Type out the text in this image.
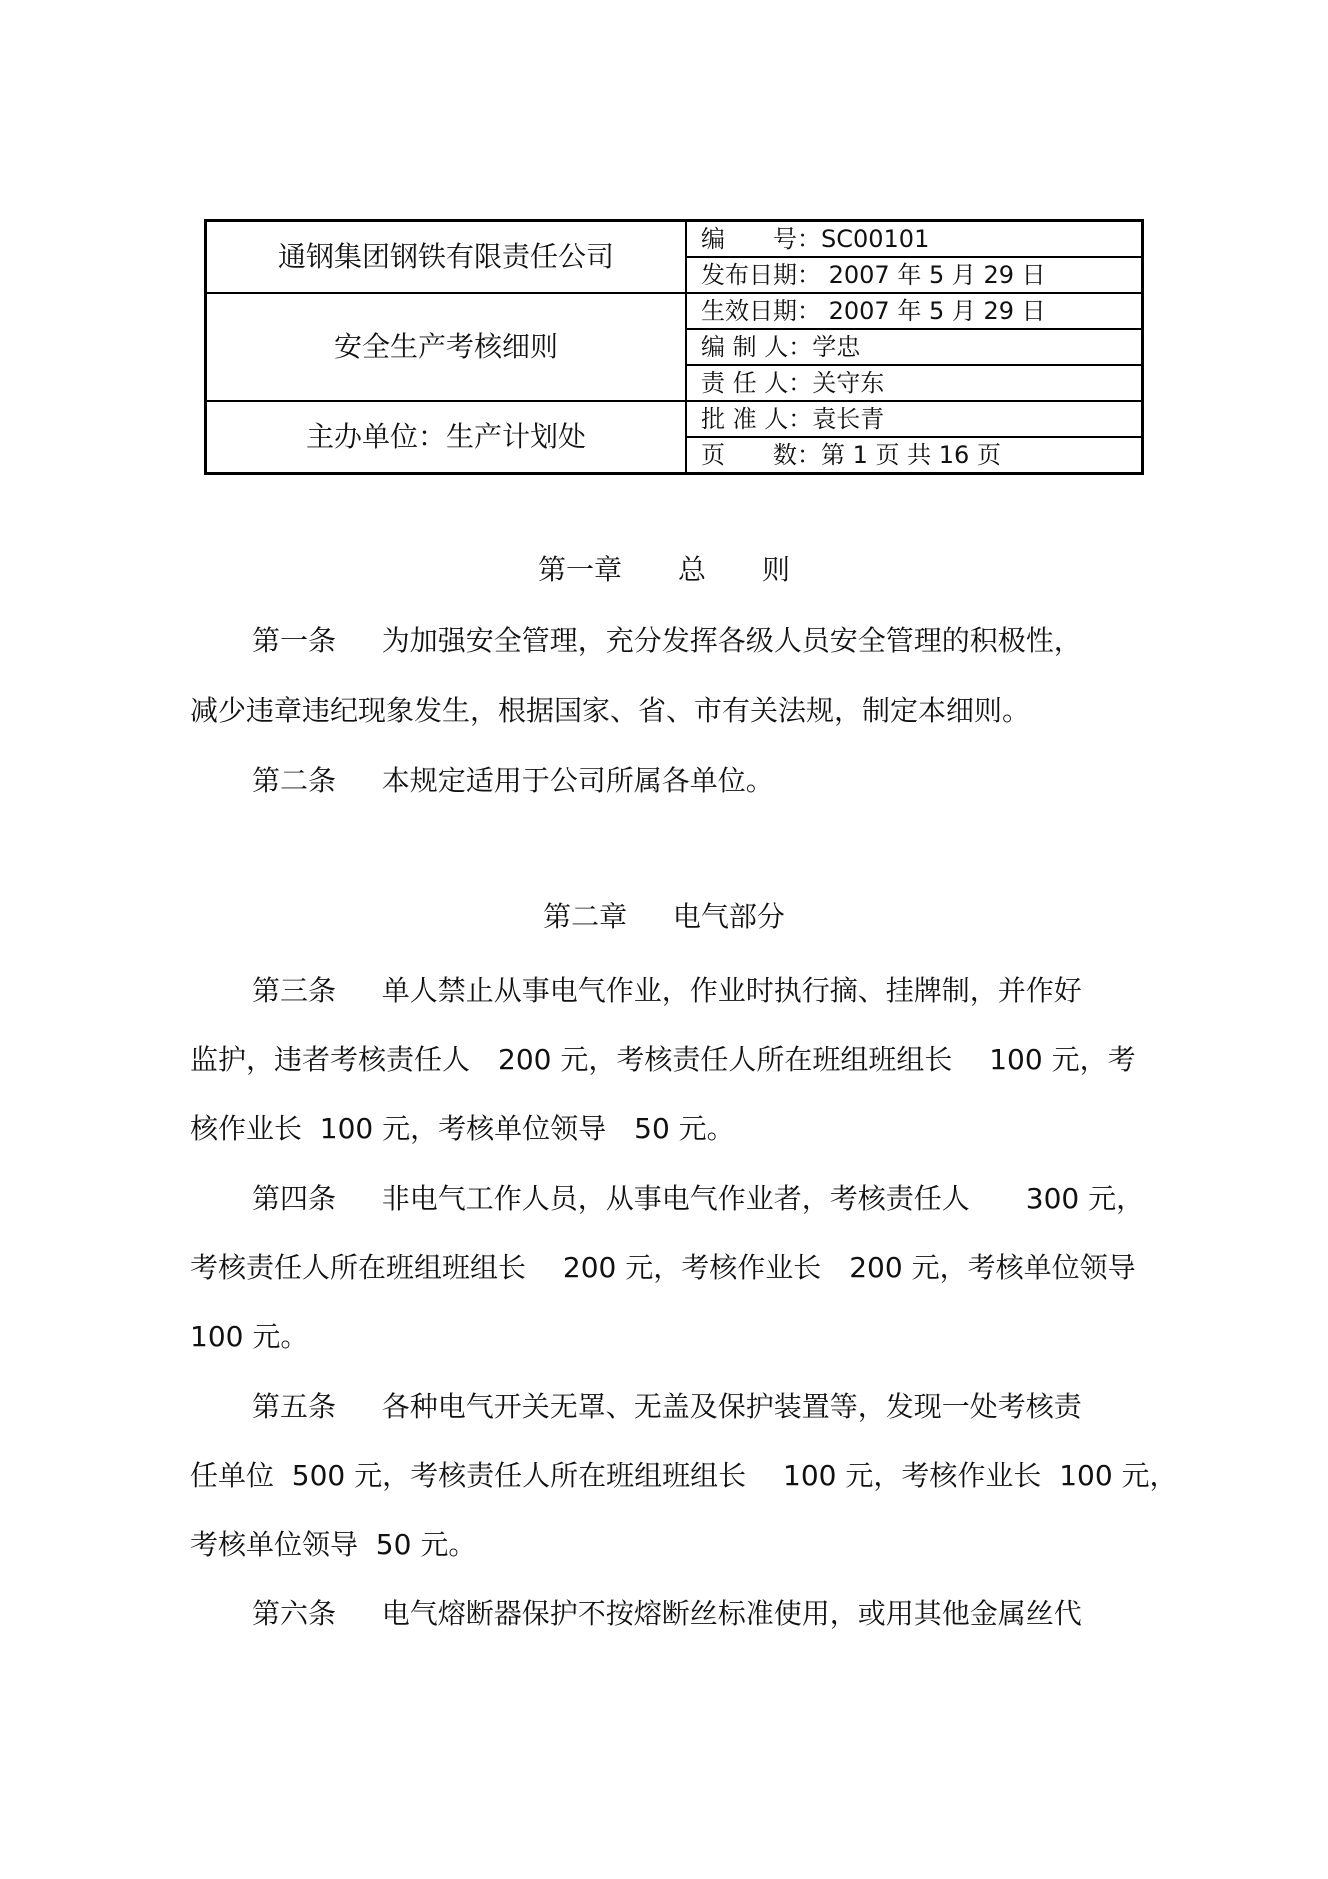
通钢集团钢铁有限责任公司	编　　号：SC00101
	发布日期： 2007 年 5 月 29 日
安全生产考核细则	生效日期： 2007 年 5 月 29 日
	编 制 人：学忠
	责 任 人：关守东
主办单位：生产计划处	批 准 人：袁长青
	页　　数：第 1 页 共 16 页
第一章　　总　　则

第一条　  为加强安全管理，充分发挥各级人员安全管理的积极性，

减少违章违纪现象发生，根据国家、省、市有关法规，制定本细则。

第二条　  本规定适用于公司所属各单位。

第二章　  电气部分

第三条　  单人禁止从事电气作业，作业时执行摘、挂牌制，并作好

监护，违者考核责任人　200 元，考核责任人所在班组班组长　 100 元，考

核作业长  100 元，考核单位领导　50 元。

第四条　  非电气工作人员，从事电气作业者，考核责任人　　300 元，

考核责任人所在班组班组长　 200 元，考核作业长　200 元，考核单位领导

100 元。

第五条　  各种电气开关无罩、无盖及保护装置等，发现一处考核责

任单位  500 元，考核责任人所在班组班组长　 100 元，考核作业长  100 元，

考核单位领导  50 元。

第六条　  电气熔断器保护不按熔断丝标准使用，或用其他金属丝代
